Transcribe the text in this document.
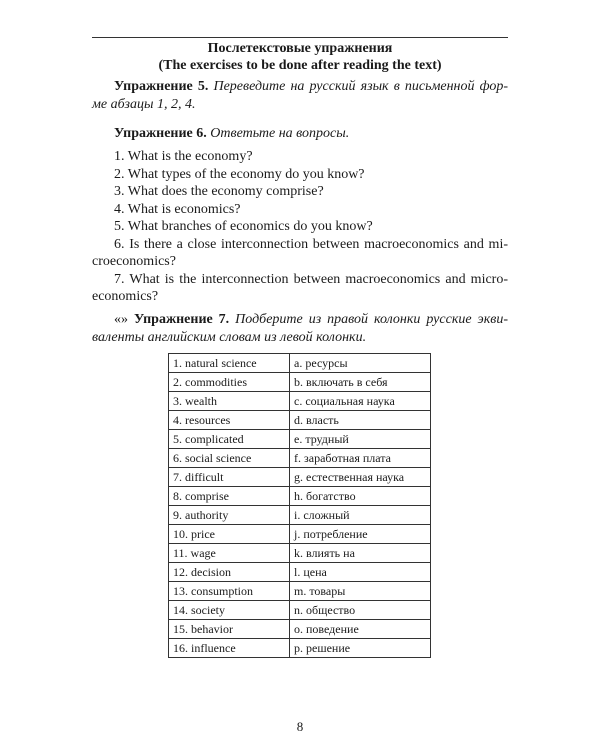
Послетекстовые упражнения
(The exercises to be done after reading the text)
Упражнение 5. Переведите на русский язык в письменной фор- ме абзацы 1, 2, 4.
Упражнение 6. Ответьте на вопросы.
1. What is the economy?
2. What types of the economy do you know?
3. What does the economy comprise?
4. What is economics?
5. What branches of economics do you know?
6. Is there a close interconnection between macroeconomics and mi-croeconomics?
7. What is the interconnection between macroeconomics and micro-economics?
«» Упражнение 7. Подберите из правой колонки русские экви-валенты английским словам из левой колонки.
1. natural science	a. ресурсы
2. commodities	b. включать в себя
3. wealth	c. социальная наука
4. resources	d. власть
5. complicated	e. трудный
6. social science	f. заработная плата
7. difficult	g. естественная наука
8. comprise	h. богатство
9. authority	i. сложный
10. price	j. потребление
11. wage	k. влиять на
12. decision	l. цена
13. consumption	m. товары
14. society	n. общество
15. behavior	o. поведение
16. influence	p. решение
8
